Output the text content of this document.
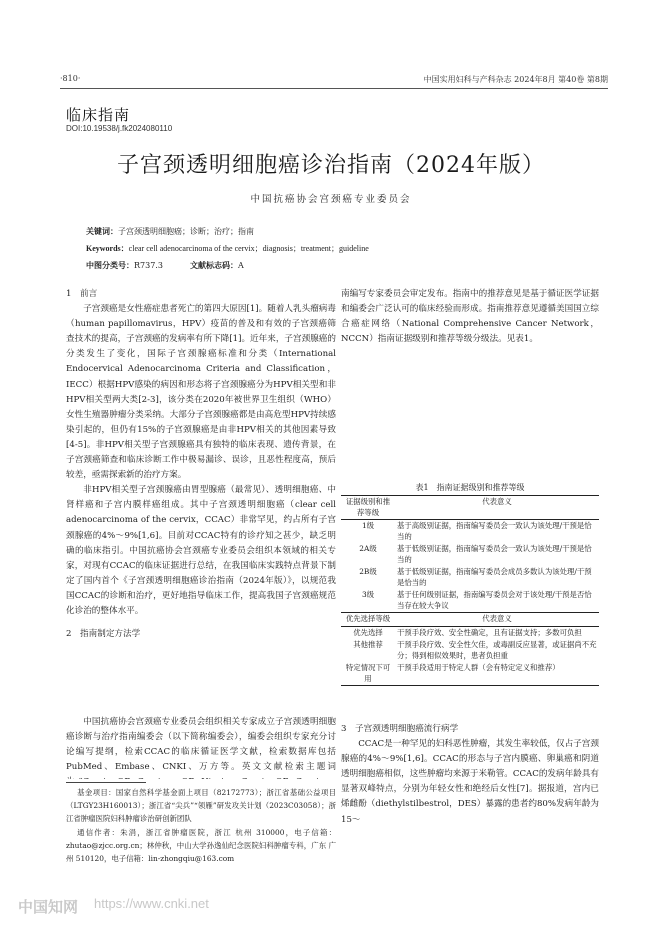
·810·	中国实用妇科与产科杂志 2024年8月 第40卷 第8期
临床指南
DOI:10.19538/j.fk2024080110
子宫颈透明细胞癌诊治指南（2024年版）
中国抗癌协会宫颈癌专业委员会
关键词：子宫颈透明细胞癌；诊断；治疗；指南
Keywords：clear cell adenocarcinoma of the cervix；diagnosis；treatment；guideline
中图分类号：R737.3	文献标志码：A

1　前言

子宫颈癌是女性癌症患者死亡的第四大原因[1]。随着人乳头瘤病毒（human papillomavirus，HPV）疫苗的普及和有效的子宫颈癌筛查技术的提高，子宫颈癌的发病率有所下降[1]。近年来，子宫颈腺癌的分类发生了变化，国际子宫颈腺癌标准和分类（International Endocervical Adenocarcinoma Criteria and Classification，IECC）根据HPV感染的病因和形态将子宫颈腺癌分为HPV相关型和非HPV相关型两大类[2-3]，该分类在2020年被世界卫生组织（WHO）女性生殖器肿瘤分类采纳。大部分子宫颈腺癌都是由高危型HPV持续感染引起的，但仍有15%的子宫颈腺癌是由非HPV相关的其他因素导致[4-5]。非HPV相关型子宫颈腺癌具有独特的临床表现、遗传背景，在子宫颈癌筛查和临床诊断工作中极易漏诊、误诊，且恶性程度高，预后较差，亟需探索新的治疗方案。

非HPV相关型子宫颈腺癌由胃型腺癌（最常见）、透明细胞癌、中肾样癌和子宫内膜样癌组成。其中子宫颈透明细胞癌（clear cell adenocarcinoma of the cervix，CCAC）非常罕见，约占所有子宫颈腺癌的4%～9%[1,6]。目前对CCAC特有的诊疗知之甚少，缺乏明确的临床指引。中国抗癌协会宫颈癌专业委员会组织本领域的相关专家，对现有CCAC的临床证据进行总结，在我国临床实践特点背景下制定了国内首个《子宫颈透明细胞癌诊治指南（2024年版）》，以规范我国CCAC的诊断和治疗，更好地指导临床工作，提高我国子宫颈癌规范化诊治的整体水平。

2　指南制定方法学

中国抗癌协会宫颈癌专业委员会组织相关专家成立子宫颈透明细胞癌诊断与治疗指南编委会（以下简称编委会），编委会组织专家充分讨论编写提纲，检索CCAC的临床循证医学文献，检索数据库包括PubMed、Embase、CNKI、万方等。英文文献检索主题词

基金项目：国家自然科学基金面上项目（82172773）；浙江省基础公益项目（LTGY23H160013）；浙江省“尖兵”“领雁”研发攻关计划（2023C03058）；浙江省肿瘤医院妇科肿瘤诊治研创新团队

通信作者：朱涓，浙江省肿瘤医院，浙江 杭州 310000，电子信箱：zhutao@zjcc.org.cn；林仲秋，中山大学孙逸仙纪念医院妇科肿瘤专科，广东 广州 510120，电子信箱：lin-zhongqiu@163.com

南编写专家委员会审定发布。指南中的推荐意见是基于循证医学证据和编委会广泛认可的临床经验而形成。指南推荐意见遵循美国国立综合癌症网络（National Comprehensive Cancer Network，NCCN）指南证据级别和推荐等级分级法。见表1。

表1　指南证据级别和推荐等级
证据级别和推荐等级	代表意义
1级	基于高级别证据，指南编写委员会一致认为该处理/干预是恰当的
2A级	基于低级别证据，指南编写委员会一致认为该处理/干预是恰当的
2B级	基于低级别证据，指南编写委员会成员多数认为该处理/干预是恰当的
3级	基于任何级别证据，指南编写委员会对于该处理/干预是否恰当存在较大争议
优先选择等级	代表意义
优先选择	干预手段疗效、安全性确定，且有证据支持；多数可负担
其他推荐	干预手段疗效、安全性欠佳，或毒副反应显著，或证据尚不充分；得到相似效果时，患者负担重
特定情况下可用	干预手段适用于特定人群（会有特定定义和推荐）

3　子宫颈透明细胞癌流行病学

CCAC是一种罕见的妇科恶性肿瘤，其发生率较低，仅占子宫颈腺癌的4%～9%[1,6]。CCAC的形态与子宫内膜癌、卵巢癌和阴道透明细胞癌相似，这些肿瘤均来源于米勒管。CCAC的发病年龄具有显著双峰特点，分别为年轻女性和绝经后女性[7]。据报道，宫内已烯雌酚（diethylstilbestrol，DES）暴露的患者约80%发病年龄为15～

中国知网 https://www.cnki.net
